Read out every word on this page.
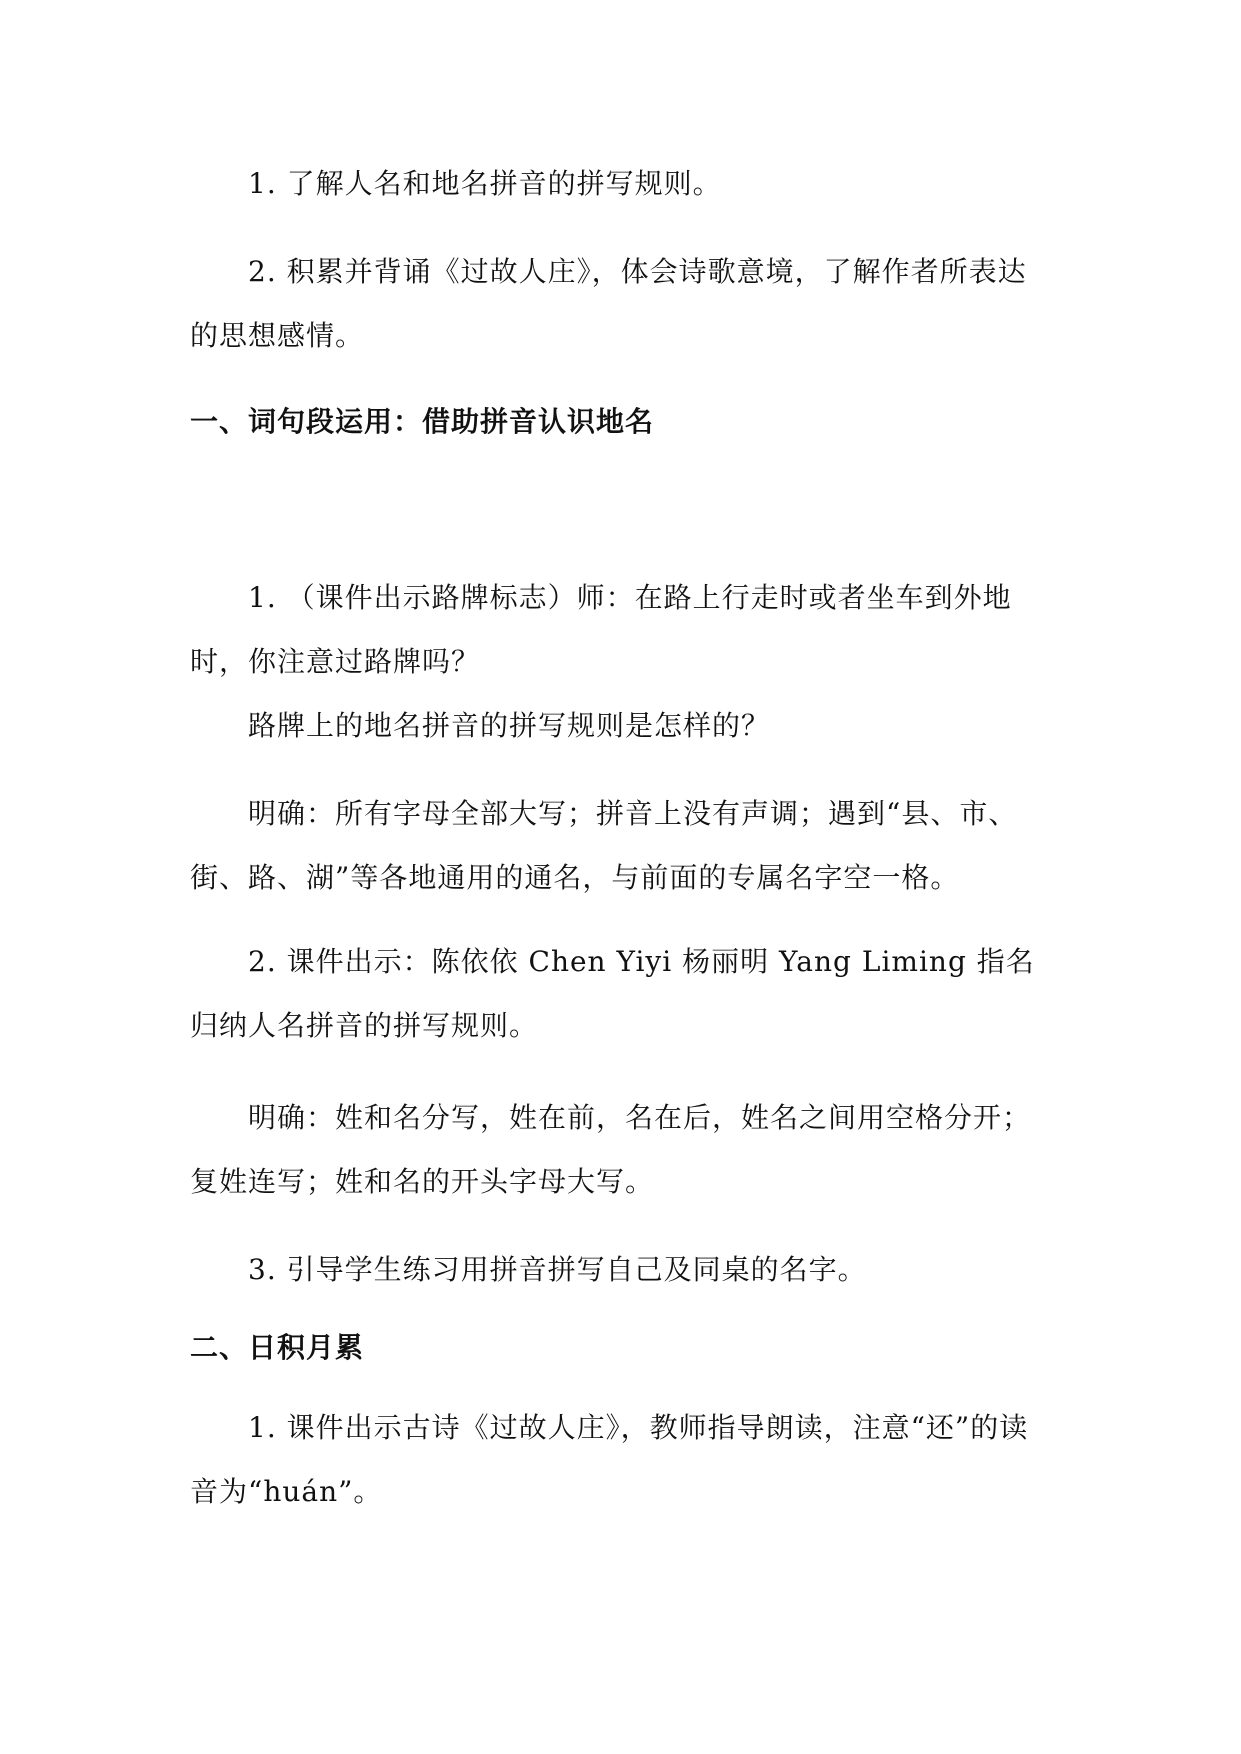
1. 了解人名和地名拼音的拼写规则。

2. 积累并背诵《过故人庄》，体会诗歌意境，了解作者所表达的思想感情。

一、词句段运用：借助拼音认识地名

1. （课件出示路牌标志）师：在路上行走时或者坐车到外地时，你注意过路牌吗？

路牌上的地名拼音的拼写规则是怎样的？

明确：所有字母全部大写；拼音上没有声调；遇到“县、市、街、路、湖”等各地通用的通名，与前面的专属名字空一格。

2. 课件出示：陈依依 Chen Yiyi 杨丽明 Yang Liming 指名归纳人名拼音的拼写规则。

明确：姓和名分写，姓在前，名在后，姓名之间用空格分开；复姓连写；姓和名的开头字母大写。

3. 引导学生练习用拼音拼写自己及同桌的名字。

二、日积月累

1. 课件出示古诗《过故人庄》，教师指导朗读，注意“还”的读音为“huán”。
